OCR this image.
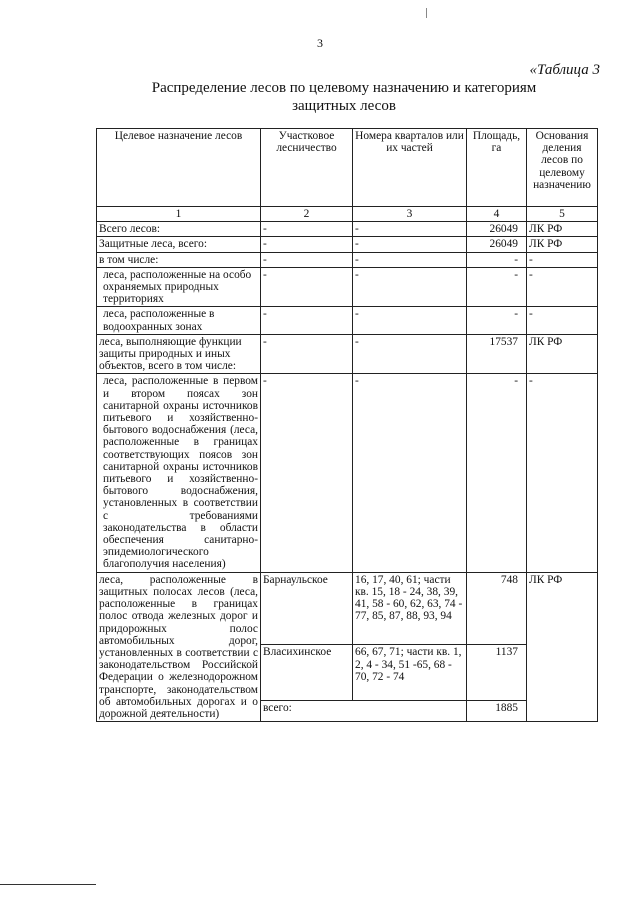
3
«Таблица 3
Распределение лесов по целевому назначению и категориям
защитных лесов
Целевое назначение лесов	Участковое лесничество	Номера кварталов или их частей	Площадь, га	Основания деления лесов по целевому назначению
1	2	3	4	5
Всего лесов:	-	-	26049	ЛК РФ
Защитные леса, всего:	-	-	26049	ЛК РФ
в том числе:	-	-	-	-
леса, расположенные на особо охраняемых природных территориях	-	-	-	-
леса, расположенные в водоохранных зонах	-	-	-	-
леса, выполняющие функции защиты природных и иных объектов, всего в том числе:	-	-	17537	ЛК РФ
леса, расположенные в первом и втором поясах зон санитарной охраны источников питьевого и хозяйственно-бытового водоснабжения (леса, расположенные в границах соответствующих поясов зон санитарной охраны источников питьевого и хозяйственно-бытового водоснабжения, установленных в соответствии с требованиями законодательства в области обеспечения санитарно-эпидемиологического благополучия населения)	-	-	-	-
леса, расположенные в защитных полосах лесов (леса, расположенные в границах полос отвода железных дорог и придорожных полос автомобильных дорог, установленных в соответствии с законодательством Российской Федерации о железнодорожном транспорте, законодательством об автомобильных дорогах и о дорожной деятельности)	Барнаульское	16, 17, 40, 61; части кв. 15, 18 - 24, 38, 39, 41, 58 - 60, 62, 63, 74 - 77, 85, 87, 88, 93, 94	748	ЛК РФ
	Власихинское	66, 67, 71; части кв. 1, 2, 4 - 34, 51 -65, 68 - 70, 72 - 74	1137	
	всего:		1885	
